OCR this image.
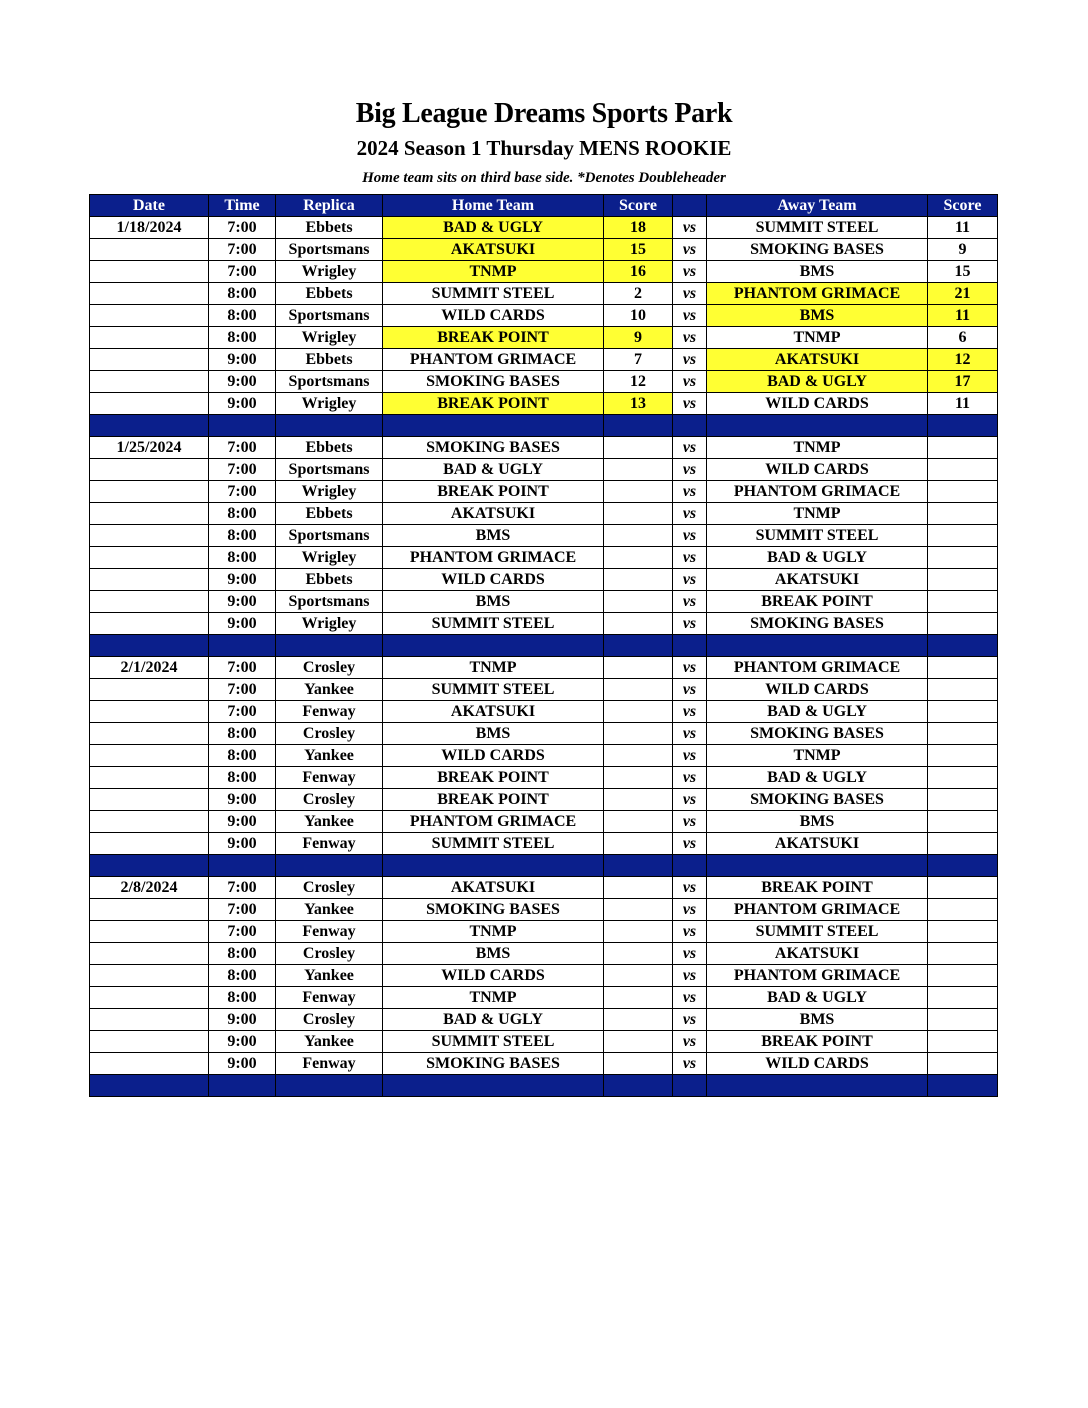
Big League Dreams Sports Park
2024 Season 1 Thursday MENS ROOKIE
Home team sits on third base side. *Denotes Doubleheader
Date	Time	Replica	Home Team	Score		Away Team	Score
1/18/2024	7:00	Ebbets	BAD & UGLY	18	vs	SUMMIT STEEL	11
	7:00	Sportsmans	AKATSUKI	15	vs	SMOKING BASES	9
	7:00	Wrigley	TNMP	16	vs	BMS	15
	8:00	Ebbets	SUMMIT STEEL	2	vs	PHANTOM GRIMACE	21
	8:00	Sportsmans	WILD CARDS	10	vs	BMS	11
	8:00	Wrigley	BREAK POINT	9	vs	TNMP	6
	9:00	Ebbets	PHANTOM GRIMACE	7	vs	AKATSUKI	12
	9:00	Sportsmans	SMOKING BASES	12	vs	BAD & UGLY	17
	9:00	Wrigley	BREAK POINT	13	vs	WILD CARDS	11

1/25/2024	7:00	Ebbets	SMOKING BASES		vs	TNMP	
	7:00	Sportsmans	BAD & UGLY		vs	WILD CARDS	
	7:00	Wrigley	BREAK POINT		vs	PHANTOM GRIMACE	
	8:00	Ebbets	AKATSUKI		vs	TNMP	
	8:00	Sportsmans	BMS		vs	SUMMIT STEEL	
	8:00	Wrigley	PHANTOM GRIMACE		vs	BAD & UGLY	
	9:00	Ebbets	WILD CARDS		vs	AKATSUKI	
	9:00	Sportsmans	BMS		vs	BREAK POINT	
	9:00	Wrigley	SUMMIT STEEL		vs	SMOKING BASES	

2/1/2024	7:00	Crosley	TNMP		vs	PHANTOM GRIMACE	
	7:00	Yankee	SUMMIT STEEL		vs	WILD CARDS	
	7:00	Fenway	AKATSUKI		vs	BAD & UGLY	
	8:00	Crosley	BMS		vs	SMOKING BASES	
	8:00	Yankee	WILD CARDS		vs	TNMP	
	8:00	Fenway	BREAK POINT		vs	BAD & UGLY	
	9:00	Crosley	BREAK POINT		vs	SMOKING BASES	
	9:00	Yankee	PHANTOM GRIMACE		vs	BMS	
	9:00	Fenway	SUMMIT STEEL		vs	AKATSUKI	

2/8/2024	7:00	Crosley	AKATSUKI		vs	BREAK POINT	
	7:00	Yankee	SMOKING BASES		vs	PHANTOM GRIMACE	
	7:00	Fenway	TNMP		vs	SUMMIT STEEL	
	8:00	Crosley	BMS		vs	AKATSUKI	
	8:00	Yankee	WILD CARDS		vs	PHANTOM GRIMACE	
	8:00	Fenway	TNMP		vs	BAD & UGLY	
	9:00	Crosley	BAD & UGLY		vs	BMS	
	9:00	Yankee	SUMMIT STEEL		vs	BREAK POINT	
	9:00	Fenway	SMOKING BASES		vs	WILD CARDS	
